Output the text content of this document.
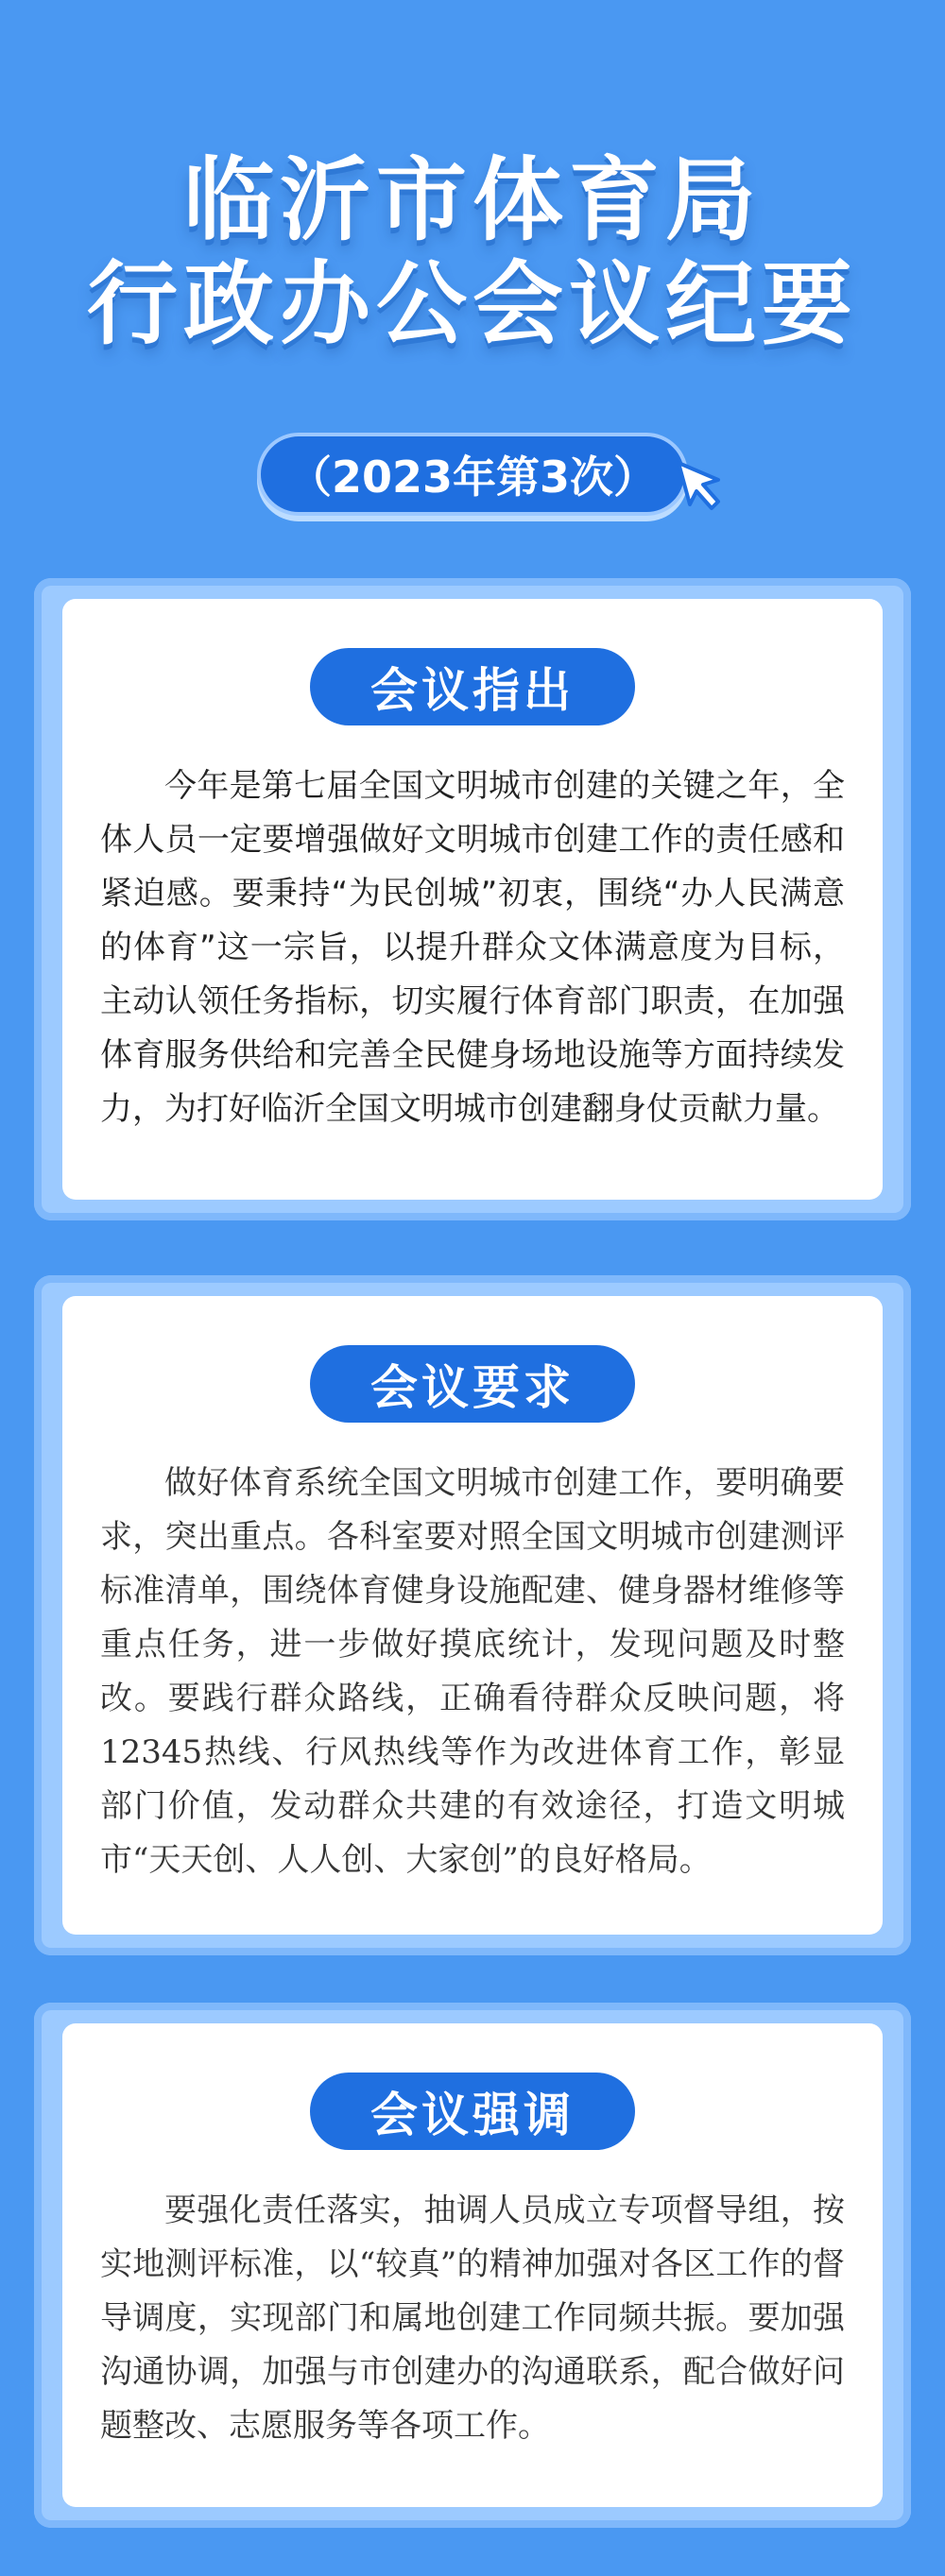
临沂市体育局
行政办公会议纪要
（2023年第3次）
会议指出

今年是第七届全国文明城市创建的关键之年，全体人员一定要增强做好文明城市创建工作的责任感和紧迫感。要秉持“为民创城”初衷，围绕“办人民满意的体育”这一宗旨，以提升群众文体满意度为目标，主动认领任务指标，切实履行体育部门职责，在加强体育服务供给和完善全民健身场地设施等方面持续发力，为打好临沂全国文明城市创建翻身仗贡献力量。

会议要求

做好体育系统全国文明城市创建工作，要明确要求，突出重点。各科室要对照全国文明城市创建测评标准清单，围绕体育健身设施配建、健身器材维修等重点任务，进一步做好摸底统计，发现问题及时整改。要践行群众路线，正确看待群众反映问题，将12345热线、行风热线等作为改进体育工作，彰显部门价值，发动群众共建的有效途径，打造文明城市“天天创、人人创、大家创”的良好格局。

会议强调

要强化责任落实，抽调人员成立专项督导组，按实地测评标准，以“较真”的精神加强对各区工作的督导调度，实现部门和属地创建工作同频共振。要加强沟通协调，加强与市创建办的沟通联系，配合做好问题整改、志愿服务等各项工作。
